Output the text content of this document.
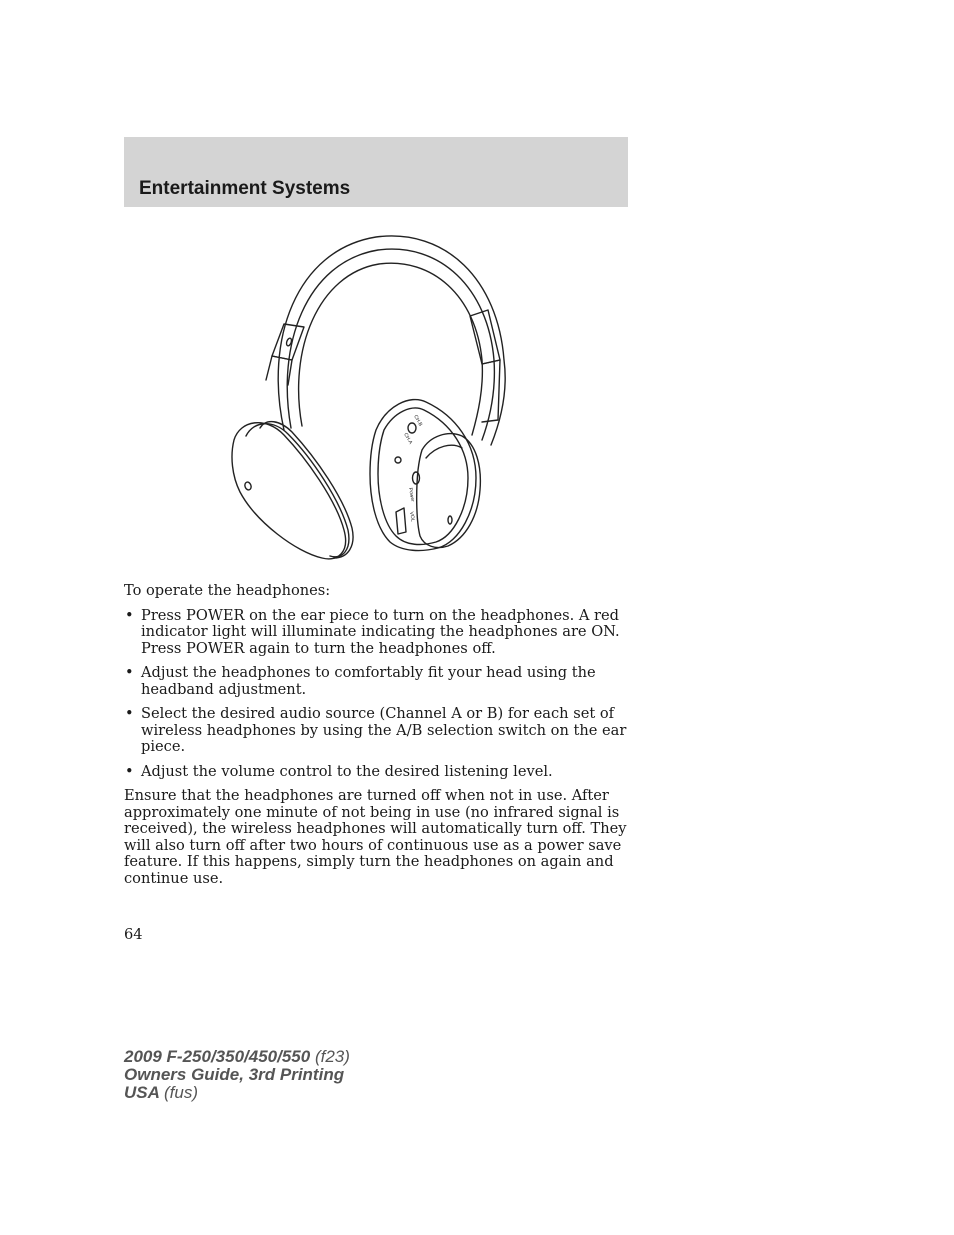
Entertainment Systems
CH.B
CH.A
Power
VOL

To operate the headphones:

• Press POWER on the ear piece to turn on the headphones. A red indicator light will illuminate indicating the headphones are ON. Press POWER again to turn the headphones off.
• Adjust the headphones to comfortably fit your head using the headband adjustment.
• Select the desired audio source (Channel A or B) for each set of wireless headphones by using the A/B selection switch on the ear piece.
• Adjust the volume control to the desired listening level.

Ensure that the headphones are turned off when not in use. After approximately one minute of not being in use (no infrared signal is received), the wireless headphones will automatically turn off. They will also turn off after two hours of continuous use as a power save feature. If this happens, simply turn the headphones on again and continue use.

64
2009 F-250/350/450/550 (f23)
Owners Guide, 3rd Printing
USA (fus)
